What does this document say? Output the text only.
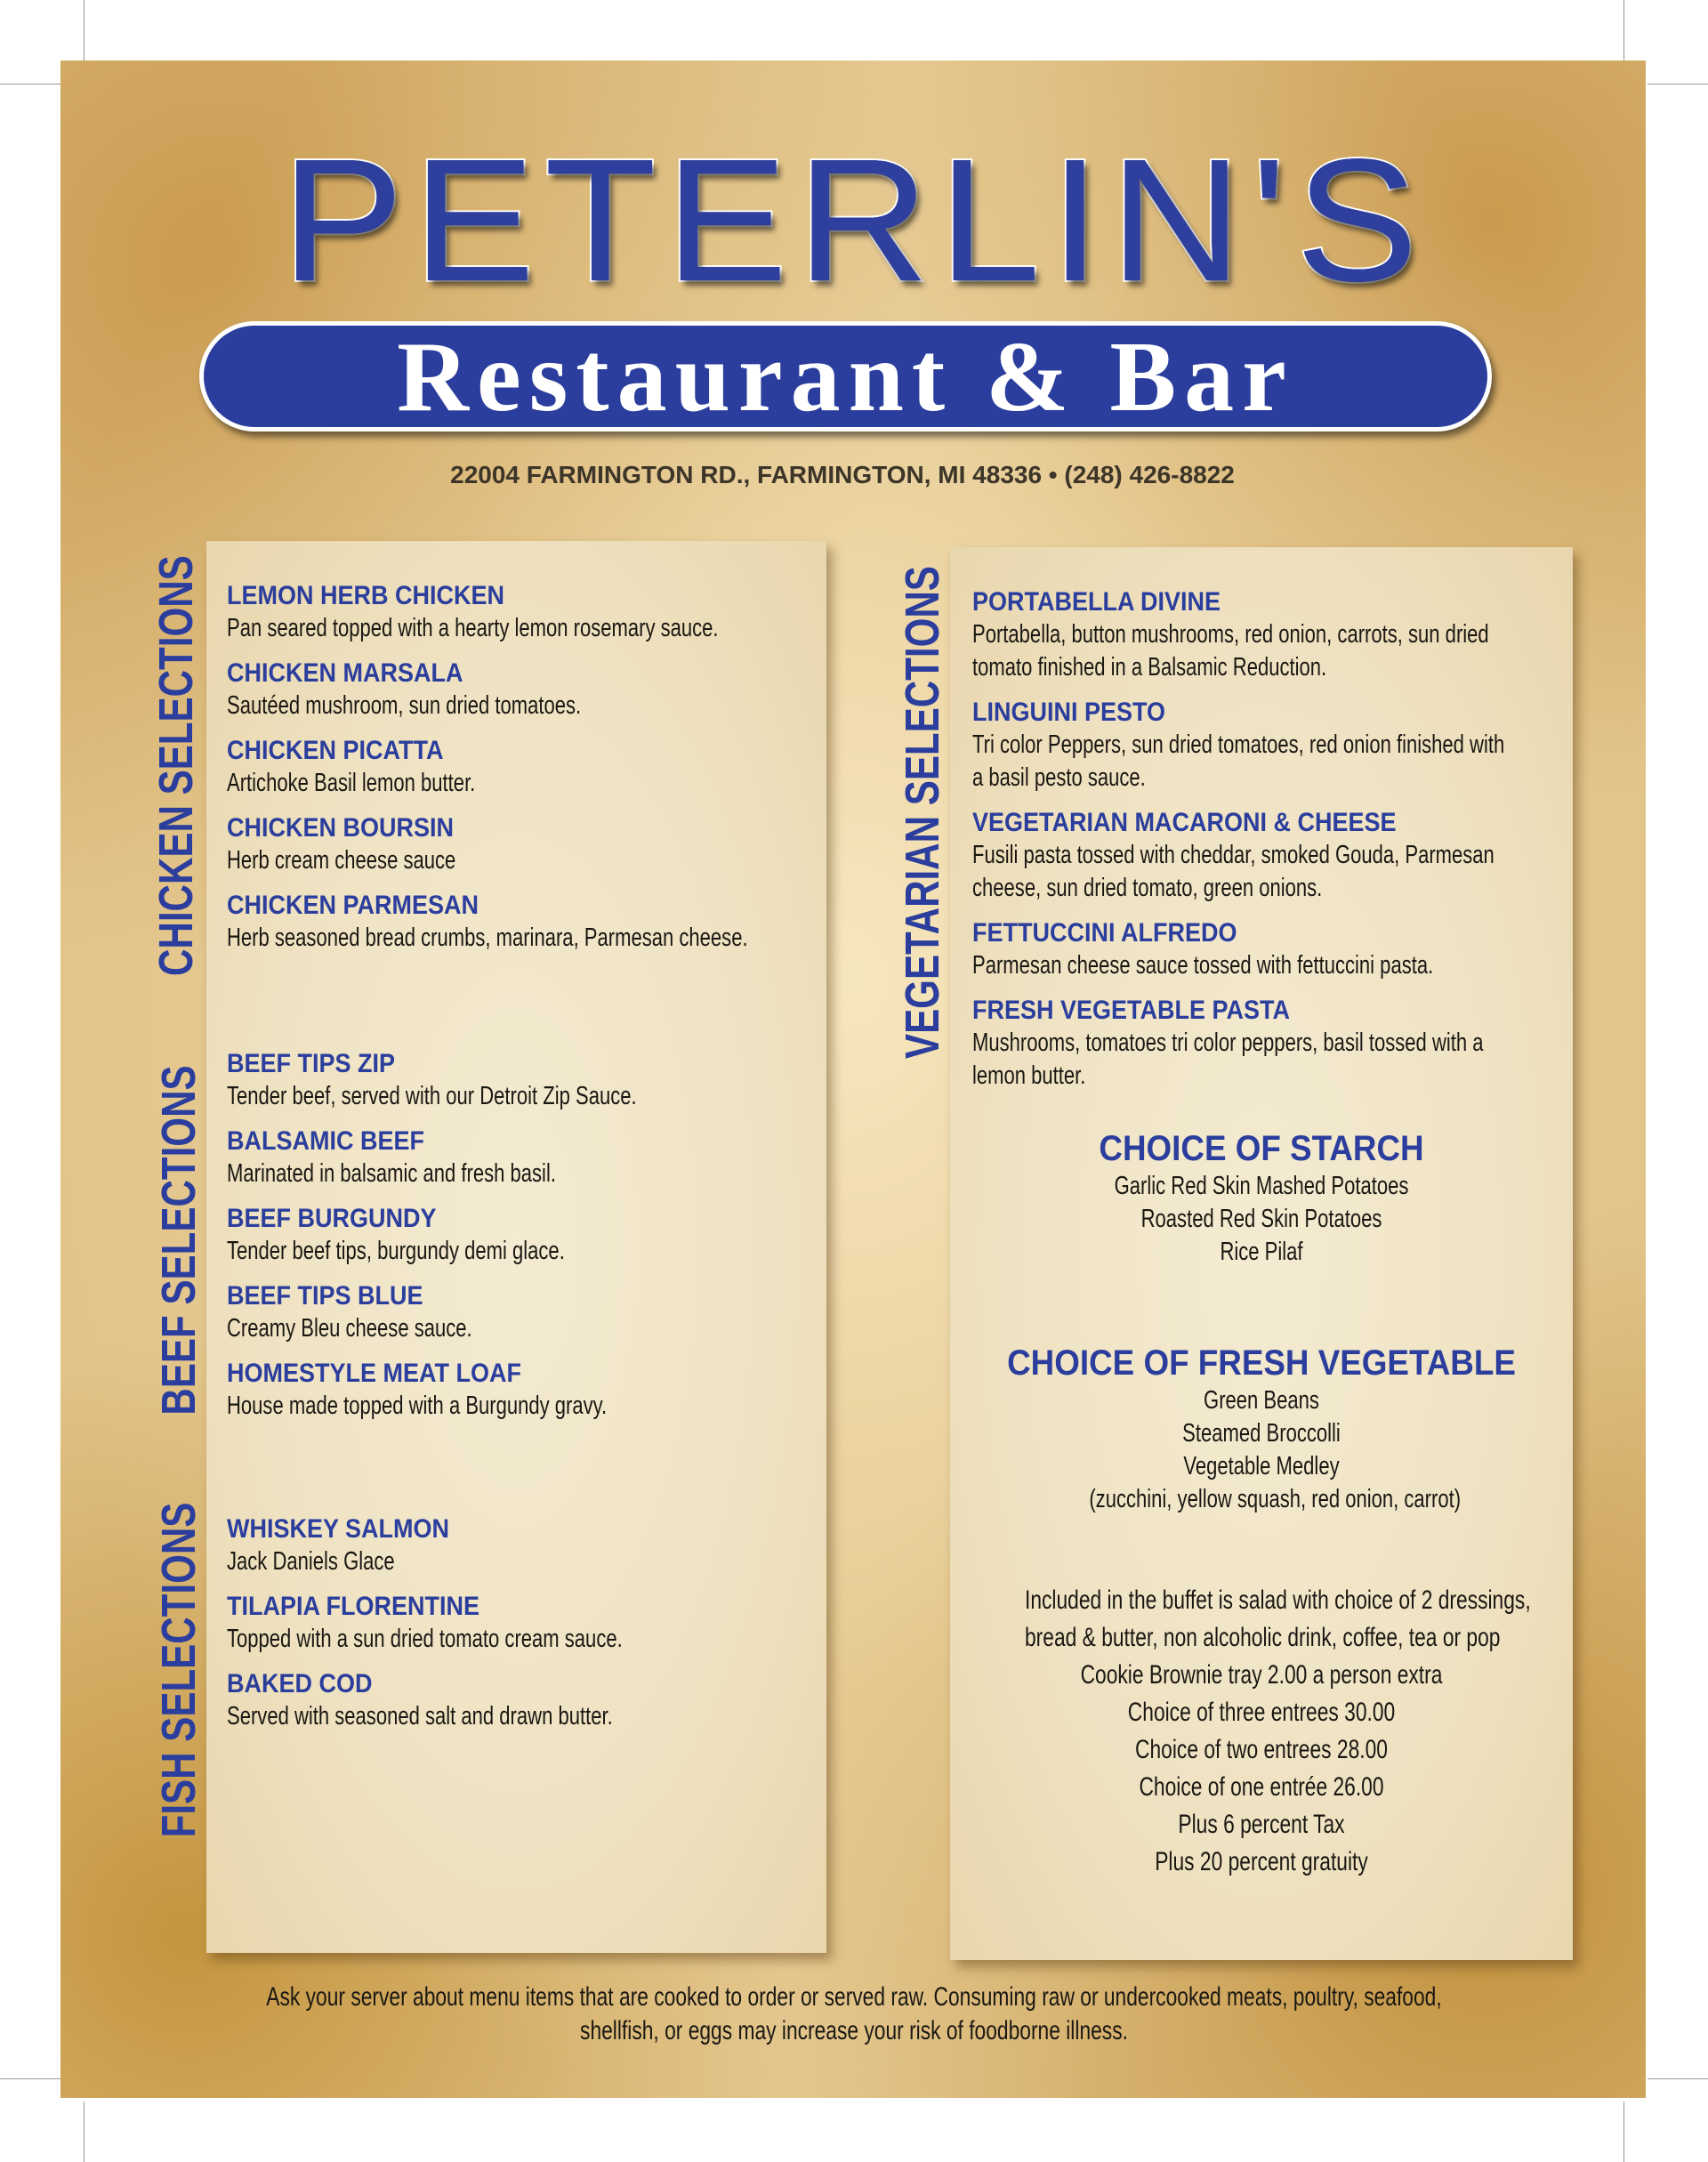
PETERLIN'S
Restaurant & Bar
22004 FARMINGTON RD., FARMINGTON, MI 48336 • (248) 426-8822
CHICKEN SELECTIONS
BEEF SELECTIONS
FISH SELECTIONS
VEGETARIAN SELECTIONS
LEMON HERB CHICKEN
Pan seared topped with a hearty lemon rosemary sauce.
CHICKEN MARSALA
Sautéed mushroom, sun dried tomatoes.
CHICKEN PICATTA
Artichoke Basil lemon butter.
CHICKEN BOURSIN
Herb cream cheese sauce
CHICKEN PARMESAN
Herb seasoned bread crumbs, marinara, Parmesan cheese.
BEEF TIPS ZIP
Tender beef, served with our Detroit Zip Sauce.
BALSAMIC BEEF
Marinated in balsamic and fresh basil.
BEEF BURGUNDY
Tender beef tips, burgundy demi glace.
BEEF TIPS BLUE
Creamy Bleu cheese sauce.
HOMESTYLE MEAT LOAF
House made topped with a Burgundy gravy.
WHISKEY SALMON
Jack Daniels Glace
TILAPIA FLORENTINE
Topped with a sun dried tomato cream sauce.
BAKED COD
Served with seasoned salt and drawn butter.
PORTABELLA DIVINE
Portabella, button mushrooms, red onion, carrots, sun dried
tomato finished in a Balsamic Reduction.
LINGUINI PESTO
Tri color Peppers, sun dried tomatoes, red onion finished with
a basil pesto sauce.
VEGETARIAN MACARONI & CHEESE
Fusili pasta tossed with cheddar, smoked Gouda, Parmesan
cheese, sun dried tomato, green onions.
FETTUCCINI ALFREDO
Parmesan cheese sauce tossed with fettuccini pasta.
FRESH VEGETABLE PASTA
Mushrooms, tomatoes tri color peppers, basil tossed with a
lemon butter.
CHOICE OF STARCH
Garlic Red Skin Mashed Potatoes
Roasted Red Skin Potatoes
Rice Pilaf
CHOICE OF FRESH VEGETABLE
Green Beans
Steamed Broccolli
Vegetable Medley
(zucchini, yellow squash, red onion, carrot)
Included in the buffet is salad with choice of 2 dressings,
bread & butter, non alcoholic drink, coffee, tea or pop
Cookie Brownie tray 2.00 a person extra
Choice of three entrees 30.00
Choice of two entrees 28.00
Choice of one entrée 26.00
Plus 6 percent Tax
Plus 20 percent gratuity
Ask your server about menu items that are cooked to order or served raw. Consuming raw or undercooked meats, poultry, seafood,
shellfish, or eggs may increase your risk of foodborne illness.
